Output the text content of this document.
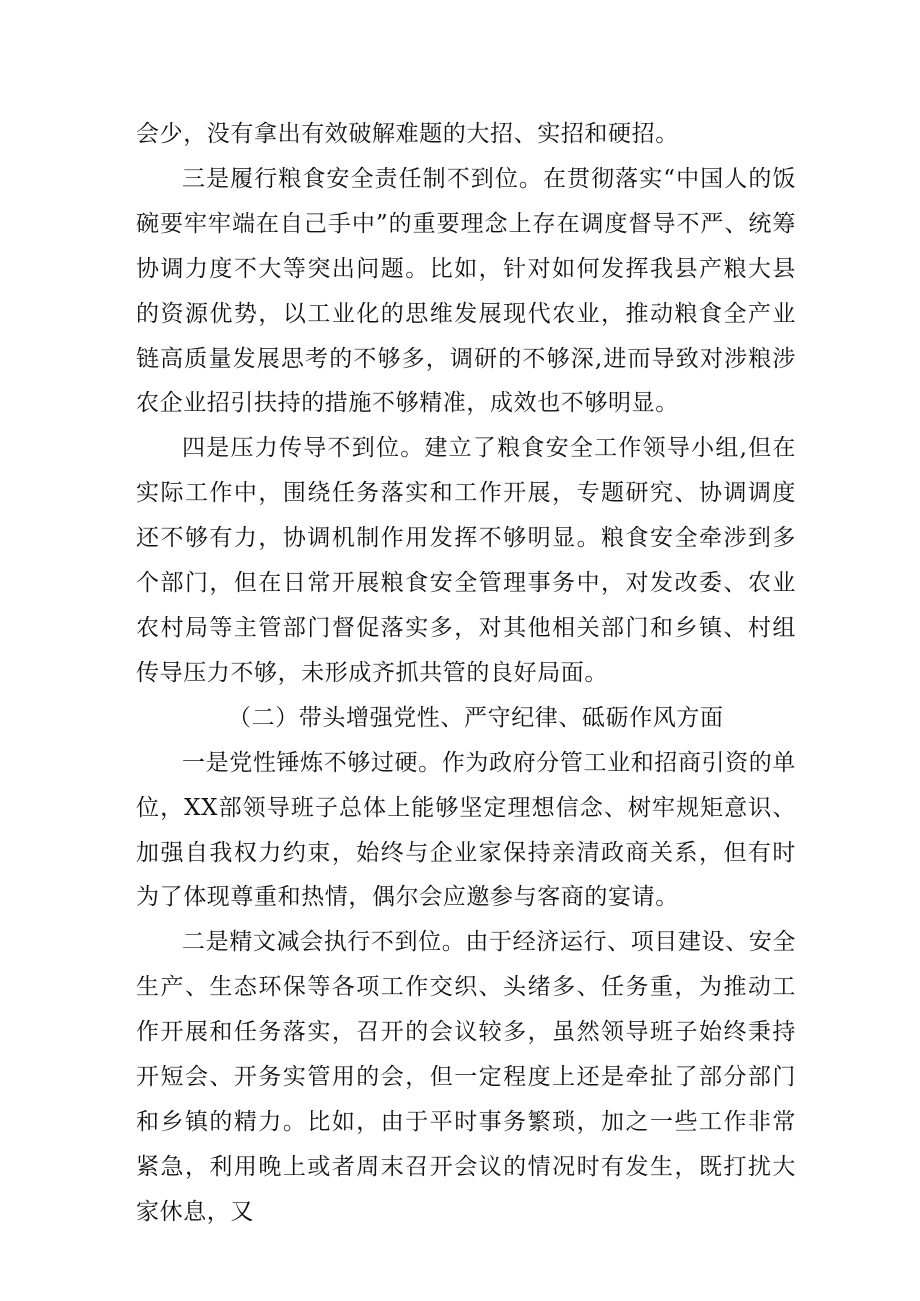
会少，没有拿出有效破解难题的大招、实招和硬招。

三是履行粮食安全责任制不到位。在贯彻落实“中国人的饭碗要牢牢端在自己手中”的重要理念上存在调度督导不严、统筹协调力度不大等突出问题。比如，针对如何发挥我县产粮大县的资源优势，以工业化的思维发展现代农业，推动粮食全产业链高质量发展思考的不够多，调研的不够深,进而导致对涉粮涉农企业招引扶持的措施不够精准，成效也不够明显。

四是压力传导不到位。建立了粮食安全工作领导小组,但在实际工作中，围绕任务落实和工作开展，专题研究、协调调度还不够有力，协调机制作用发挥不够明显。粮食安全牵涉到多个部门，但在日常开展粮食安全管理事务中，对发改委、农业农村局等主管部门督促落实多，对其他相关部门和乡镇、村组传导压力不够，未形成齐抓共管的良好局面。

（二）带头增强党性、严守纪律、砥砺作风方面

一是党性锤炼不够过硬。作为政府分管工业和招商引资的单位，XX部领导班子总体上能够坚定理想信念、树牢规矩意识、加强自我权力约束，始终与企业家保持亲清政商关系，但有时为了体现尊重和热情，偶尔会应邀参与客商的宴请。

二是精文减会执行不到位。由于经济运行、项目建设、安全生产、生态环保等各项工作交织、头绪多、任务重，为推动工作开展和任务落实，召开的会议较多，虽然领导班子始终秉持开短会、开务实管用的会，但一定程度上还是牵扯了部分部门和乡镇的精力。比如，由于平时事务繁琐，加之一些工作非常紧急，利用晚上或者周末召开会议的情况时有发生，既打扰大家休息，又
